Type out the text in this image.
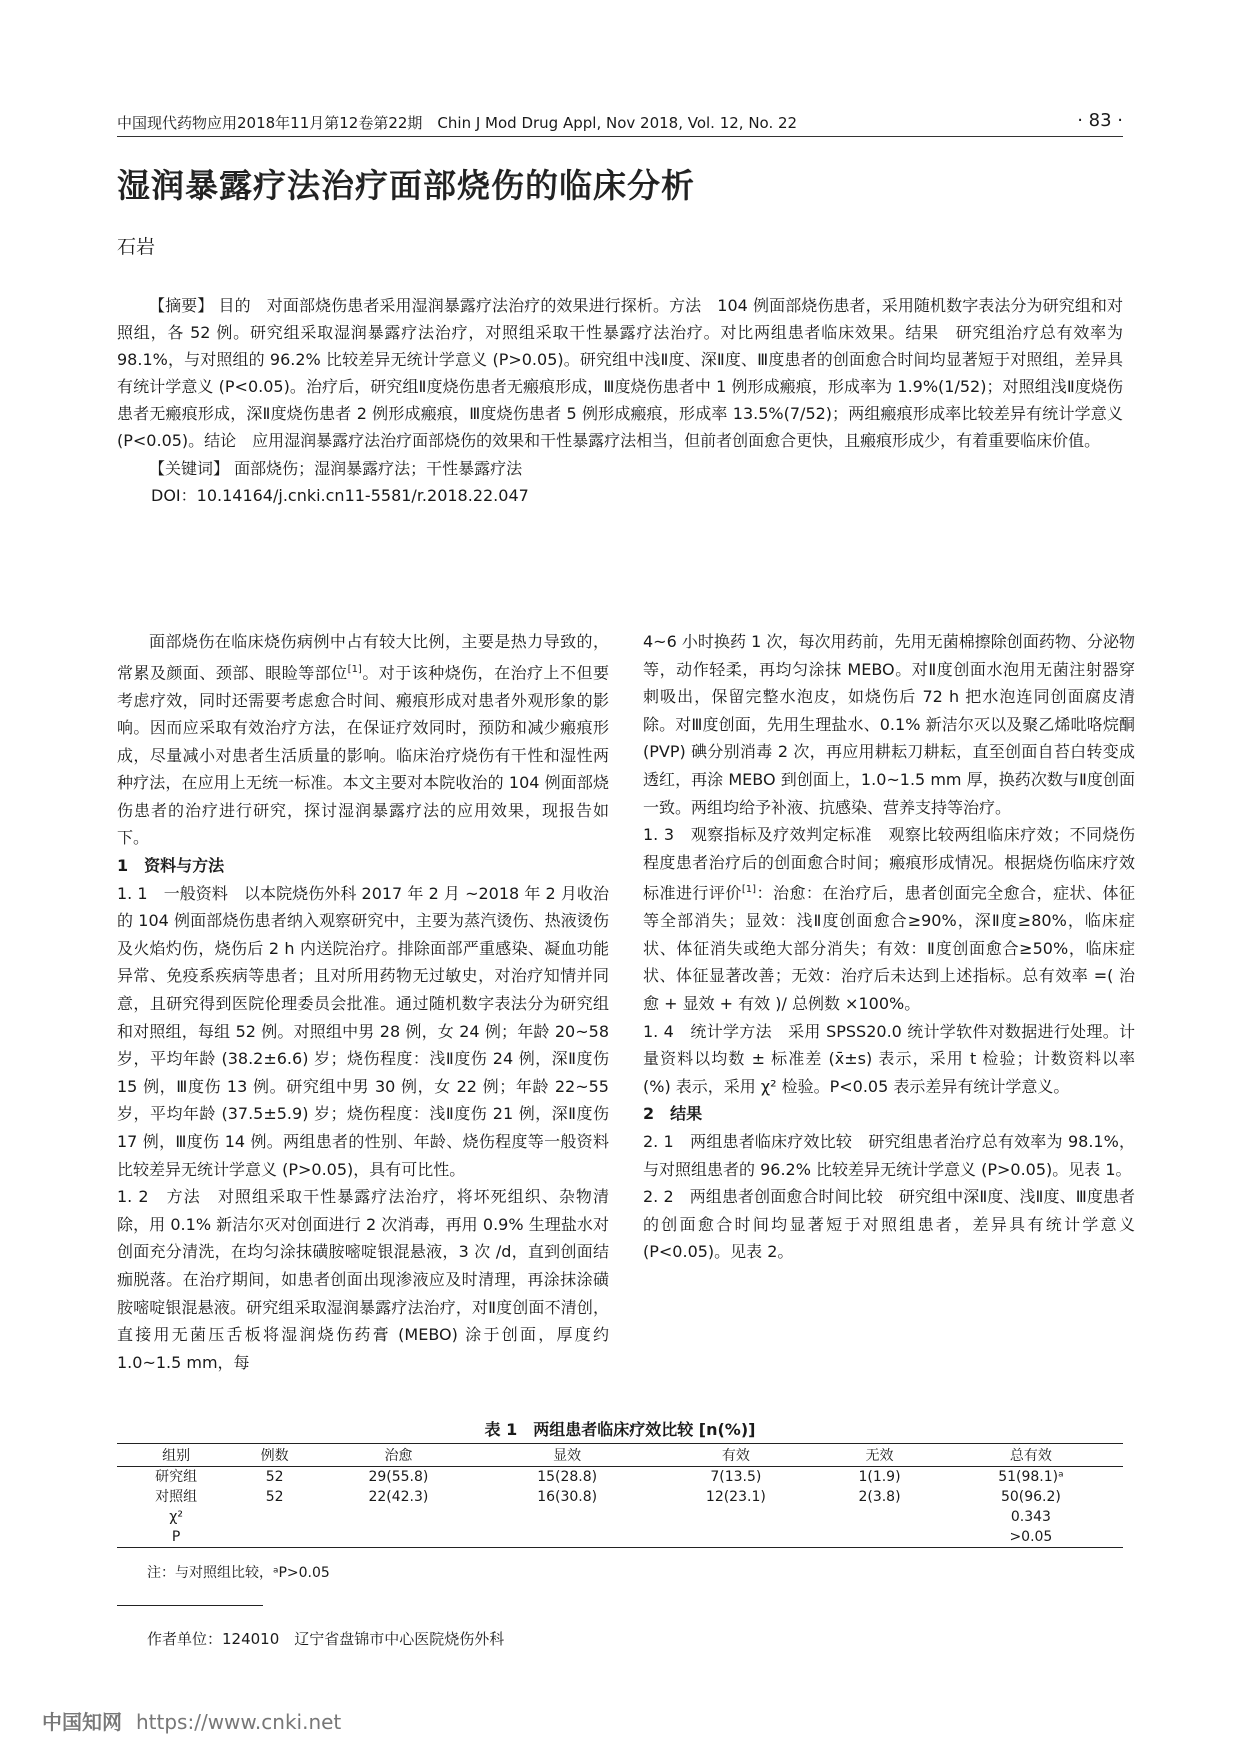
中国现代药物应用2018年11月第12卷第22期　Chin J Mod Drug Appl, Nov 2018, Vol. 12, No. 22	· 83 ·
湿润暴露疗法治疗面部烧伤的临床分析
石岩

【摘要】 目的　对面部烧伤患者采用湿润暴露疗法治疗的效果进行探析。方法　104 例面部烧伤患者，采用随机数字表法分为研究组和对照组，各 52 例。研究组采取湿润暴露疗法治疗，对照组采取干性暴露疗法治疗。对比两组患者临床效果。结果　研究组治疗总有效率为 98.1%，与对照组的 96.2% 比较差异无统计学意义 (P>0.05)。研究组中浅Ⅱ度、深Ⅱ度、Ⅲ度患者的创面愈合时间均显著短于对照组，差异具有统计学意义 (P<0.05)。治疗后，研究组Ⅱ度烧伤患者无瘢痕形成，Ⅲ度烧伤患者中 1 例形成瘢痕，形成率为 1.9%(1/52)；对照组浅Ⅱ度烧伤患者无瘢痕形成，深Ⅱ度烧伤患者 2 例形成瘢痕，Ⅲ度烧伤患者 5 例形成瘢痕，形成率 13.5%(7/52)；两组瘢痕形成率比较差异有统计学意义 (P<0.05)。结论　应用湿润暴露疗法治疗面部烧伤的效果和干性暴露疗法相当，但前者创面愈合更快，且瘢痕形成少，有着重要临床价值。

【关键词】 面部烧伤；湿润暴露疗法；干性暴露疗法

DOI：10.14164/j.cnki.cn11-5581/r.2018.22.047

面部烧伤在临床烧伤病例中占有较大比例，主要是热力导致的，常累及颜面、颈部、眼睑等部位[1]。对于该种烧伤，在治疗上不但要考虑疗效，同时还需要考虑愈合时间、瘢痕形成对患者外观形象的影响。因而应采取有效治疗方法，在保证疗效同时，预防和减少瘢痕形成，尽量减小对患者生活质量的影响。临床治疗烧伤有干性和湿性两种疗法，在应用上无统一标准。本文主要对本院收治的 104 例面部烧伤患者的治疗进行研究，探讨湿润暴露疗法的应用效果，现报告如下。

1　资料与方法

1. 1　一般资料　以本院烧伤外科 2017 年 2 月 ~2018 年 2 月收治的 104 例面部烧伤患者纳入观察研究中，主要为蒸汽烫伤、热液烫伤及火焰灼伤，烧伤后 2 h 内送院治疗。排除面部严重感染、凝血功能异常、免疫系疾病等患者；且对所用药物无过敏史，对治疗知情并同意，且研究得到医院伦理委员会批准。通过随机数字表法分为研究组和对照组，每组 52 例。对照组中男 28 例，女 24 例；年龄 20~58 岁，平均年龄 (38.2±6.6) 岁；烧伤程度：浅Ⅱ度伤 24 例，深Ⅱ度伤 15 例，Ⅲ度伤 13 例。研究组中男 30 例，女 22 例；年龄 22~55 岁，平均年龄 (37.5±5.9) 岁；烧伤程度：浅Ⅱ度伤 21 例，深Ⅱ度伤 17 例，Ⅲ度伤 14 例。两组患者的性别、年龄、烧伤程度等一般资料比较差异无统计学意义 (P>0.05)，具有可比性。

1. 2　方法　对照组采取干性暴露疗法治疗，将坏死组织、杂物清除，用 0.1% 新洁尔灭对创面进行 2 次消毒，再用 0.9% 生理盐水对创面充分清洗，在均匀涂抹磺胺嘧啶银混悬液，3 次 /d，直到创面结痂脱落。在治疗期间，如患者创面出现渗液应及时清理，再涂抹涂磺胺嘧啶银混悬液。研究组采取湿润暴露疗法治疗，对Ⅱ度创面不清创，直接用无菌压舌板将湿润烧伤药膏 (MEBO) 涂于创面，厚度约 1.0~1.5 mm，每

4~6 小时换药 1 次，每次用药前，先用无菌棉擦除创面药物、分泌物等，动作轻柔，再均匀涂抹 MEBO。对Ⅱ度创面水泡用无菌注射器穿刺吸出，保留完整水泡皮，如烧伤后 72 h 把水泡连同创面腐皮清除。对Ⅲ度创面，先用生理盐水、0.1% 新洁尔灭以及聚乙烯吡咯烷酮 (PVP) 碘分别消毒 2 次，再应用耕耘刀耕耘，直至创面自苔白转变成透红，再涂 MEBO 到创面上，1.0~1.5 mm 厚，换药次数与Ⅱ度创面一致。两组均给予补液、抗感染、营养支持等治疗。

1. 3　观察指标及疗效判定标准　观察比较两组临床疗效；不同烧伤程度患者治疗后的创面愈合时间；瘢痕形成情况。根据烧伤临床疗效标准进行评价[1]：治愈：在治疗后，患者创面完全愈合，症状、体征等全部消失；显效：浅Ⅱ度创面愈合≥90%，深Ⅱ度≥80%，临床症状、体征消失或绝大部分消失；有效：Ⅱ度创面愈合≥50%，临床症状、体征显著改善；无效：治疗后未达到上述指标。总有效率 =( 治愈 + 显效 + 有效 )/ 总例数 ×100%。

1. 4　统计学方法　采用 SPSS20.0 统计学软件对数据进行处理。计量资料以均数 ± 标准差 (x̄±s) 表示，采用 t 检验；计数资料以率 (%) 表示，采用 χ² 检验。P<0.05 表示差异有统计学意义。

2　结果

2. 1　两组患者临床疗效比较　研究组患者治疗总有效率为 98.1%，与对照组患者的 96.2% 比较差异无统计学意义 (P>0.05)。见表 1。

2. 2　两组患者创面愈合时间比较　研究组中深Ⅱ度、浅Ⅱ度、Ⅲ度患者的创面愈合时间均显著短于对照组患者，差异具有统计学意义 (P<0.05)。见表 2。

表 1　两组患者临床疗效比较 [n(%)]
组别	例数	治愈	显效	有效	无效	总有效
研究组	52	29(55.8)	15(28.8)	7(13.5)	1(1.9)	51(98.1)ᵃ
对照组	52	22(42.3)	16(30.8)	12(23.1)	2(3.8)	50(96.2)
χ²						0.343
P						>0.05
注：与对照组比较，ᵃP>0.05
作者单位：124010　辽宁省盘锦市中心医院烧伤外科
中国知网 https://www.cnki.net
